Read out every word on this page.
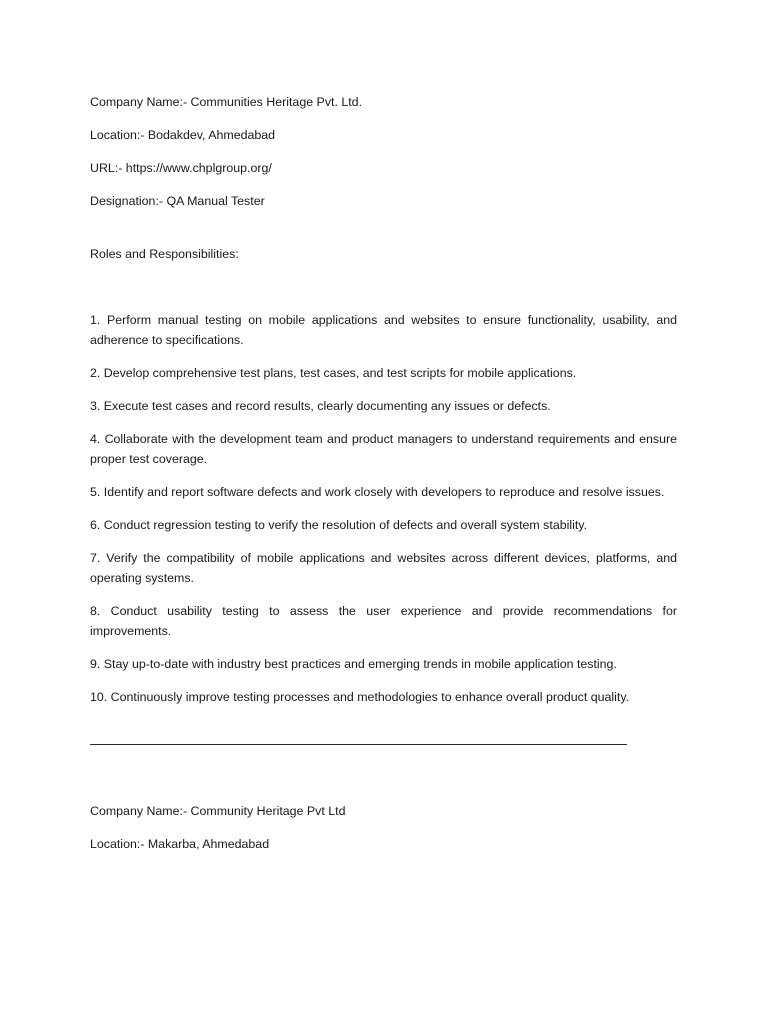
Company Name:- Communities Heritage Pvt. Ltd.

Location:- Bodakdev, Ahmedabad

URL:- https://www.chplgroup.org/

Designation:- QA Manual Tester

Roles and Responsibilities:

1. Perform manual testing on mobile applications and websites to ensure functionality, usability, and adherence to specifications.
2. Develop comprehensive test plans, test cases, and test scripts for mobile applications.
3. Execute test cases and record results, clearly documenting any issues or defects.
4. Collaborate with the development team and product managers to understand requirements and ensure proper test coverage.
5. Identify and report software defects and work closely with developers to reproduce and resolve issues.
6. Conduct regression testing to verify the resolution of defects and overall system stability.
7. Verify the compatibility of mobile applications and websites across different devices, platforms, and operating systems.
8. Conduct usability testing to assess the user experience and provide recommendations for improvements.
9. Stay up-to-date with industry best practices and emerging trends in mobile application testing.
10. Continuously improve testing processes and methodologies to enhance overall product quality.

Company Name:- Community Heritage Pvt Ltd

Location:- Makarba, Ahmedabad
